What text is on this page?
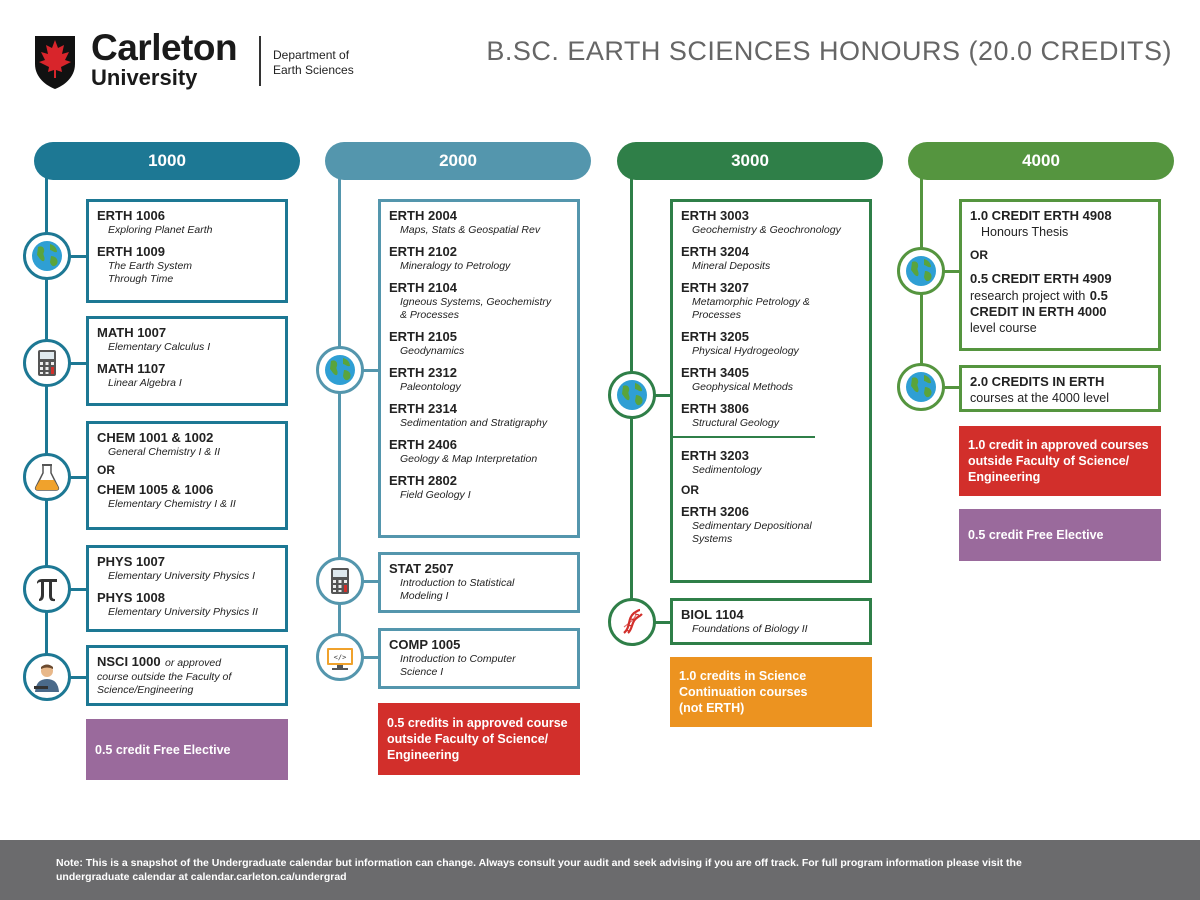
Carleton
University
Department of
Earth Sciences
B.SC. EARTH SCIENCES HONOURS (20.0 CREDITS)
1000	2000	3000	4000
</>
ERTH 1006
Exploring Planet Earth
ERTH 1009
The Earth System
Through Time
MATH 1007
Elementary Calculus I
MATH 1107
Linear Algebra I
CHEM 1001 & 1002
General Chemistry I & II
OR
CHEM 1005 & 1006
Elementary Chemistry I & II
PHYS 1007
Elementary University Physics I
PHYS 1008
Elementary University Physics II
NSCI 1000 or approved
course outside the Faculty of
Science/Engineering
0.5 credit Free Elective
ERTH 2004
Maps, Stats & Geospatial Rev
ERTH 2102
Mineralogy to Petrology
ERTH 2104
Igneous Systems, Geochemistry
& Processes
ERTH 2105
Geodynamics
ERTH 2312
Paleontology
ERTH 2314
Sedimentation and Stratigraphy
ERTH 2406
Geology & Map Interpretation
ERTH 2802
Field Geology I
STAT 2507
Introduction to Statistical
Modeling I
COMP 1005
Introduction to Computer
Science I
0.5 credits in approved course
outside Faculty of Science/
Engineering
ERTH 3003
Geochemistry & Geochronology
ERTH 3204
Mineral Deposits
ERTH 3207
Metamorphic Petrology &
Processes
ERTH 3205
Physical Hydrogeology
ERTH 3405
Geophysical Methods
ERTH 3806
Structural Geology
ERTH 3203
Sedimentology
OR
ERTH 3206
Sedimentary Depositional
Systems
BIOL 1104
Foundations of Biology II
1.0 credits in Science
Continuation courses
(not ERTH)
1.0 CREDIT ERTH 4908
Honours Thesis
OR
0.5 CREDIT ERTH 4909
research project with 0.5
CREDIT IN ERTH 4000
level course
2.0 CREDITS IN ERTH
courses at the 4000 level
1.0 credit in approved courses
outside Faculty of Science/
Engineering
0.5 credit Free Elective
Note: This is a snapshot of the Undergraduate calendar but information can change. Always consult your audit and seek advising if you are off track. For full program information please visit the
undergraduate calendar at calendar.carleton.ca/undergrad
